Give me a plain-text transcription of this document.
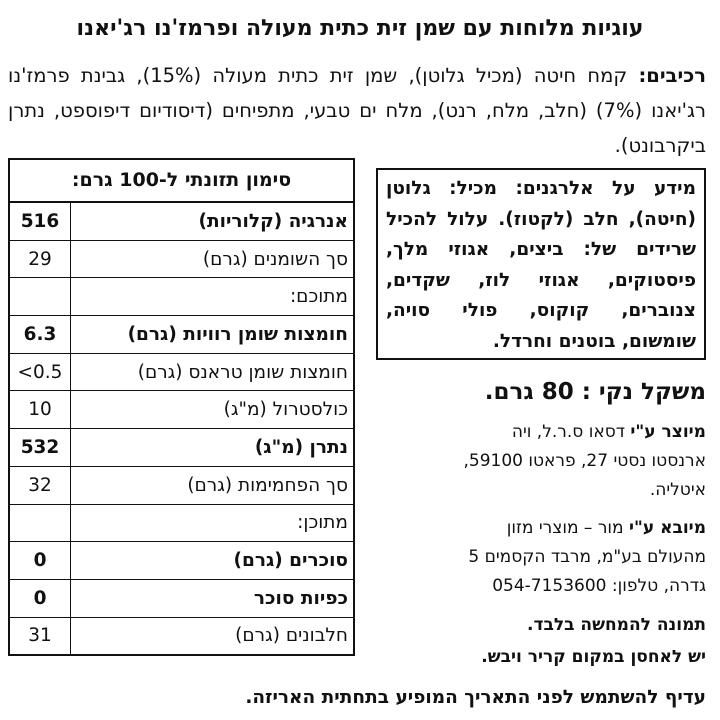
עוגיות מלוחות עם שמן זית כתית מעולה ופרמז'נו רג'יאנו
רכיבים: קמח חיטה (מכיל גלוטן), שמן זית כתית מעולה (15%), גבינת פרמז'נו רג'יאנו (7%) (חלב, מלח, רנט), מלח ים טבעי, מתפיחים (דיסודיום דיפוספט, נתרן ביקרבונט).
סימון תזונתי ל-100 גרם:
אנרגיה (קלוריות)	516
סך השומנים (גרם)	29
מתוכם:	
חומצות שומן רוויות (גרם)	6.3
חומצות שומן טראנס (גרם)	<0.5
כולסטרול (מ"ג)	10
נתרן (מ"ג)	532
סך הפחמימות (גרם)	32
מתוכן:	
סוכרים (גרם)	0
כפיות סוכר	0
חלבונים (גרם)	31
מידע על אלרגנים: מכיל: גלוטן (חיטה), חלב (לקטוז). עלול להכיל שרידים של: ביצים, אגוזי מלך, פיסטוקים, אגוזי לוז, שקדים, צנוברים, קוקוס, פולי סויה, שומשום, בוטנים וחרדל.
משקל נקי : 80 גרם.
מיוצר ע"י דסאו ס.ר.ל, ויה
ארנסטו נסטי 27, פראטו 59100,
איטליה.
מיובא ע"י מור – מוצרי מזון
מהעולם בע"מ, מרבד הקסמים 5
גדרה, טלפון: 054-7153600
תמונה להמחשה בלבד.
יש לאחסן במקום קריר ויבש.
עדיף להשתמש לפני התאריך המופיע בתחתית האריזה.
